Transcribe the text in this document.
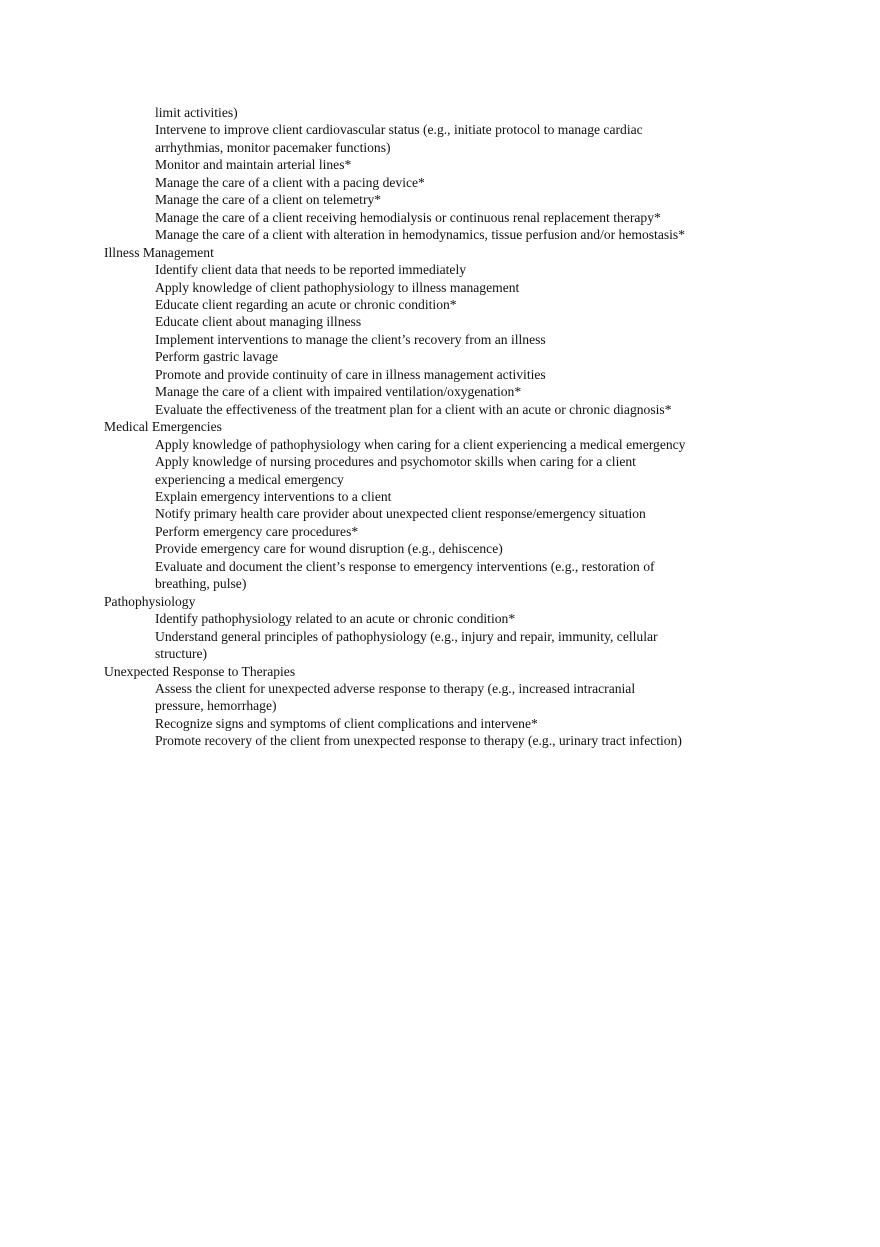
limit activities)
Intervene to improve client cardiovascular status (e.g., initiate protocol to manage cardiac
arrhythmias, monitor pacemaker functions)
Monitor and maintain arterial lines*
Manage the care of a client with a pacing device*
Manage the care of a client on telemetry*
Manage the care of a client receiving hemodialysis or continuous renal replacement therapy*
Manage the care of a client with alteration in hemodynamics, tissue perfusion and/or hemostasis*
Illness Management
Identify client data that needs to be reported immediately
Apply knowledge of client pathophysiology to illness management
Educate client regarding an acute or chronic condition*
Educate client about managing illness
Implement interventions to manage the client’s recovery from an illness
Perform gastric lavage
Promote and provide continuity of care in illness management activities
Manage the care of a client with impaired ventilation/oxygenation*
Evaluate the effectiveness of the treatment plan for a client with an acute or chronic diagnosis*
Medical Emergencies
Apply knowledge of pathophysiology when caring for a client experiencing a medical emergency
Apply knowledge of nursing procedures and psychomotor skills when caring for a client
experiencing a medical emergency
Explain emergency interventions to a client
Notify primary health care provider about unexpected client response/emergency situation
Perform emergency care procedures*
Provide emergency care for wound disruption (e.g., dehiscence)
Evaluate and document the client’s response to emergency interventions (e.g., restoration of
breathing, pulse)
Pathophysiology
Identify pathophysiology related to an acute or chronic condition*
Understand general principles of pathophysiology (e.g., injury and repair, immunity, cellular
structure)
Unexpected Response to Therapies
Assess the client for unexpected adverse response to therapy (e.g., increased intracranial
pressure, hemorrhage)
Recognize signs and symptoms of client complications and intervene*
Promote recovery of the client from unexpected response to therapy (e.g., urinary tract infection)
